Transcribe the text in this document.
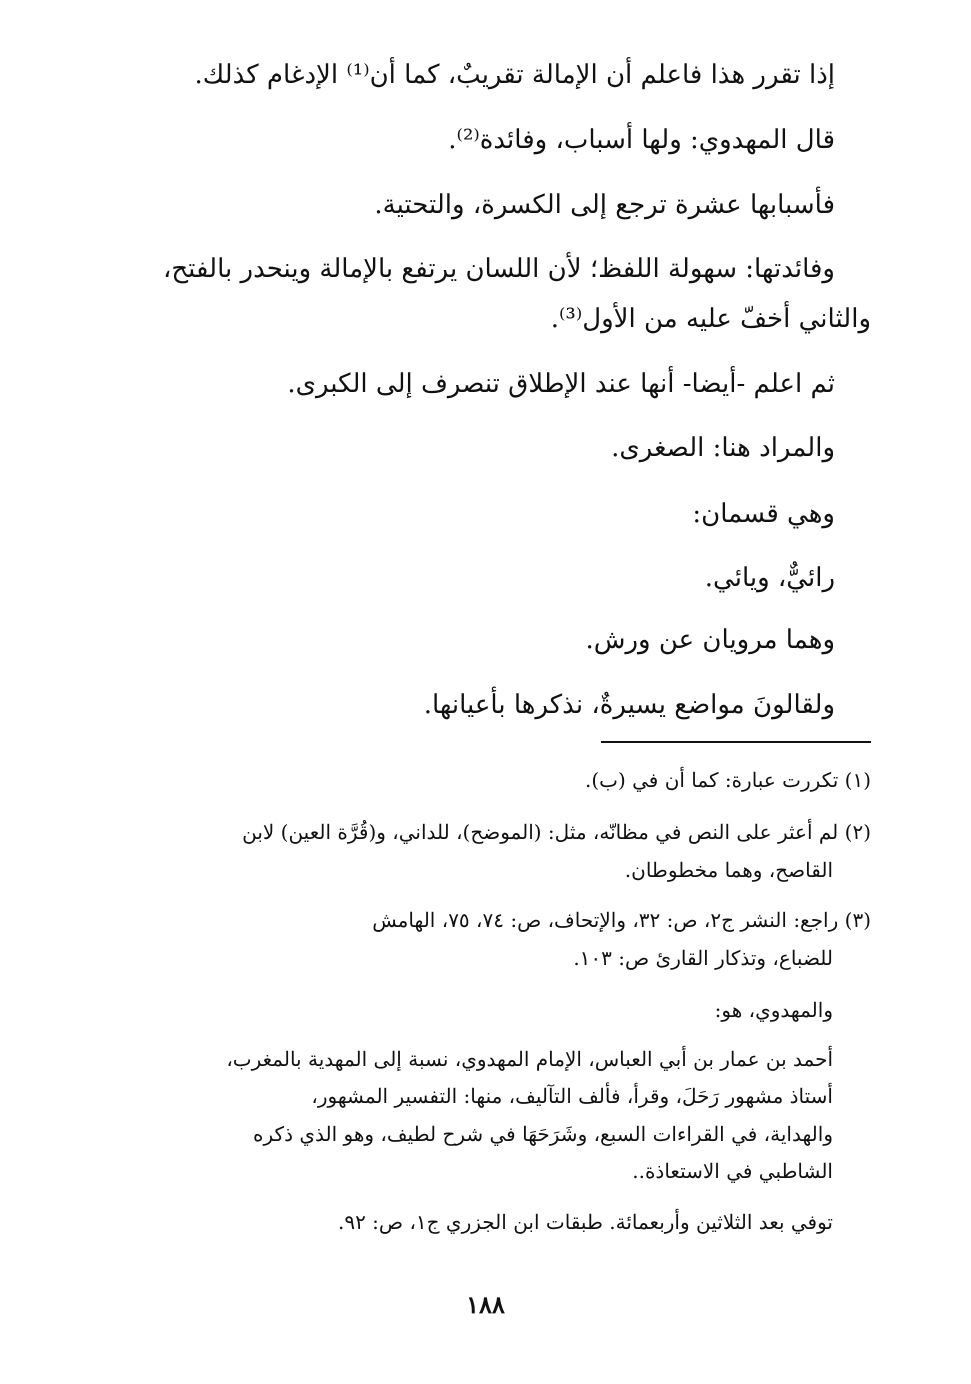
إذا تقرر هذا فاعلم أن الإمالة تقريبٌ، كما أن⁽¹⁾ الإدغام كذلك.
قال المهدوي: ولها أسباب، وفائدة⁽²⁾.
فأسبابها عشرة ترجع إلى الكسرة، والتحتية.
وفائدتها: سهولة اللفظ؛ لأن اللسان يرتفع بالإمالة وينحدر بالفتح،
والثاني أخفّ عليه من الأول⁽³⁾.
ثم اعلم -أيضا- أنها عند الإطلاق تنصرف إلى الكبرى.
والمراد هنا: الصغرى.
وهي قسمان:
رائيٌّ، ويائي.
وهما مرويان عن ورش.
ولقالونَ مواضع يسيرةٌ، نذكرها بأعيانها.
(١) تكررت عبارة: كما أن في (ب).
(٢) لم أعثر على النص في مظانّه، مثل: (الموضح)، للداني، و(قُرَّة العين) لابن
القاصح، وهما مخطوطان.
(٣) راجع: النشر ج٢، ص: ٣٢، والإتحاف، ص: ٧٤، ٧٥، الهامش
للضباع، وتذكار القارئ ص: ١٠٣.
والمهدوي، هو:
أحمد بن عمار بن أبي العباس، الإمام المهدوي، نسبة إلى المهدية بالمغرب،
أستاذ مشهور رَحَلَ، وقرأ، فألف التآليف، منها: التفسير المشهور،
والهداية، في القراءات السبع، وشَرَحَهَا في شرح لطيف، وهو الذي ذكره
الشاطبي في الاستعاذة..
توفي بعد الثلاثين وأربعمائة. طبقات ابن الجزري ج١، ص: ٩٢.
١٨٨
